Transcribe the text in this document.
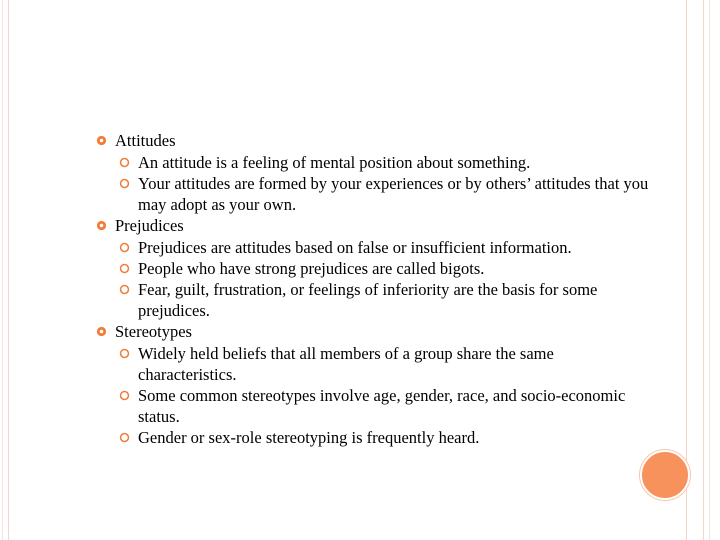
Attitudes
An attitude is a feeling of mental position about something.
Your attitudes are formed by your experiences or by others’ attitudes that you may adopt as your own.
Prejudices
Prejudices are attitudes based on false or insufficient information.
People who have strong prejudices are called bigots.
Fear, guilt, frustration, or feelings of inferiority are the basis for some prejudices.
Stereotypes
Widely held beliefs that all members of a group share the same characteristics.
Some common stereotypes involve age, gender, race, and socio-economic status.
Gender or sex-role stereotyping is frequently heard.
